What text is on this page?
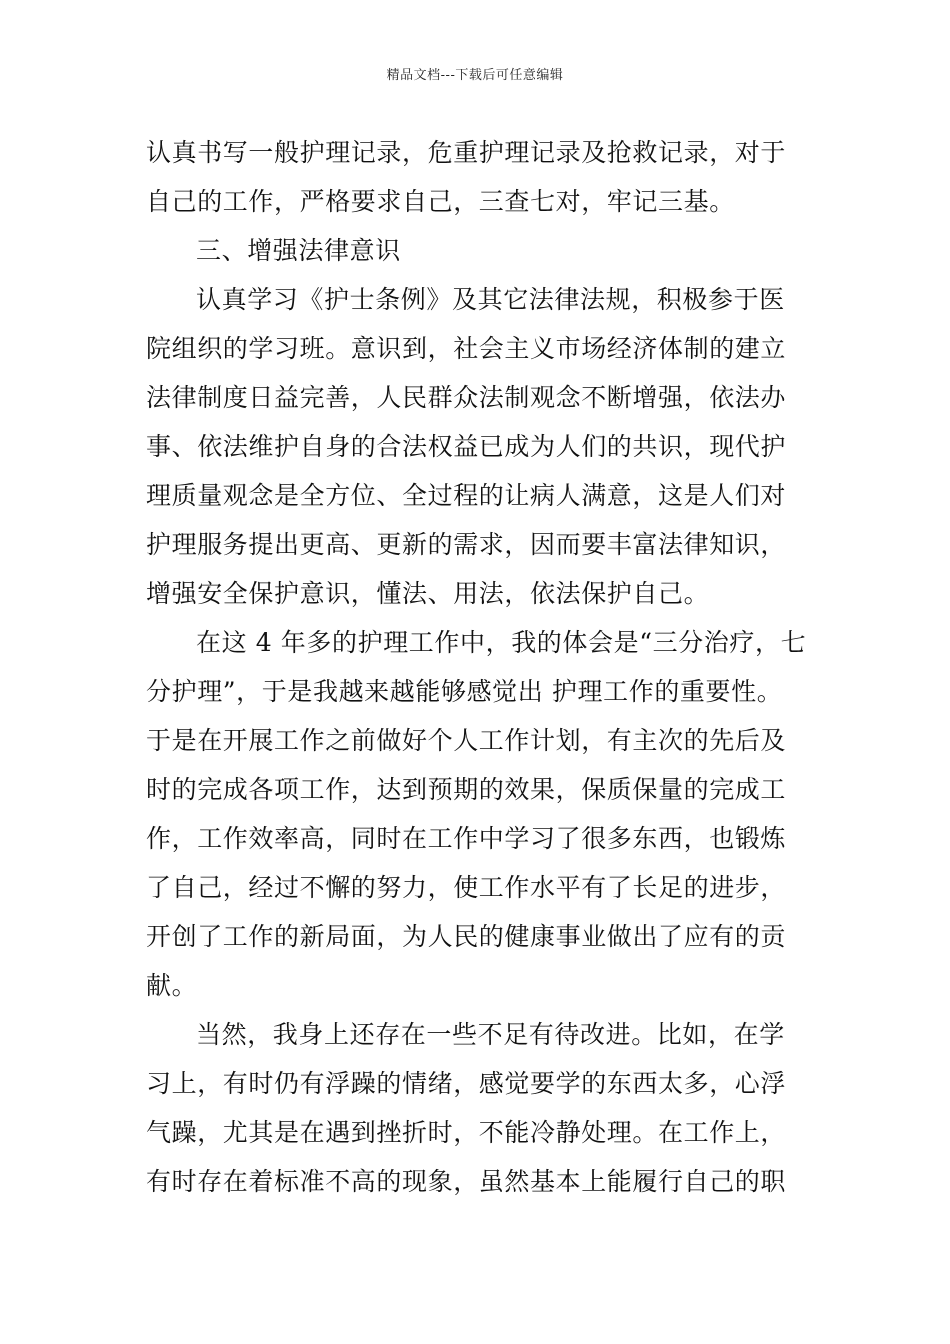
精品文档---下载后可任意编辑
认真书写一般护理记录，危重护理记录及抢救记录，对于
自己的工作，严格要求自己，三查七对，牢记三基。
三、增强法律意识
认真学习《护士条例》及其它法律法规，积极参于医
院组织的学习班。意识到，社会主义市场经济体制的建立
法律制度日益完善，人民群众法制观念不断增强，依法办
事、依法维护自身的合法权益已成为人们的共识，现代护
理质量观念是全方位、全过程的让病人满意，这是人们对
护理服务提出更高、更新的需求，因而要丰富法律知识，
增强安全保护意识，懂法、用法，依法保护自己。
在这 4 年多的护理工作中，我的体会是“三分治疗，七
分护理”，于是我越来越能够感觉出 护理工作的重要性。
于是在开展工作之前做好个人工作计划，有主次的先后及
时的完成各项工作，达到预期的效果，保质保量的完成工
作，工作效率高，同时在工作中学习了很多东西，也锻炼
了自己，经过不懈的努力，使工作水平有了长足的进步，
开创了工作的新局面，为人民的健康事业做出了应有的贡
献。
当然，我身上还存在一些不足有待改进。比如，在学
习上，有时仍有浮躁的情绪，感觉要学的东西太多，心浮
气躁，尤其是在遇到挫折时，不能冷静处理。在工作上，
有时存在着标准不高的现象，虽然基本上能履行自己的职
